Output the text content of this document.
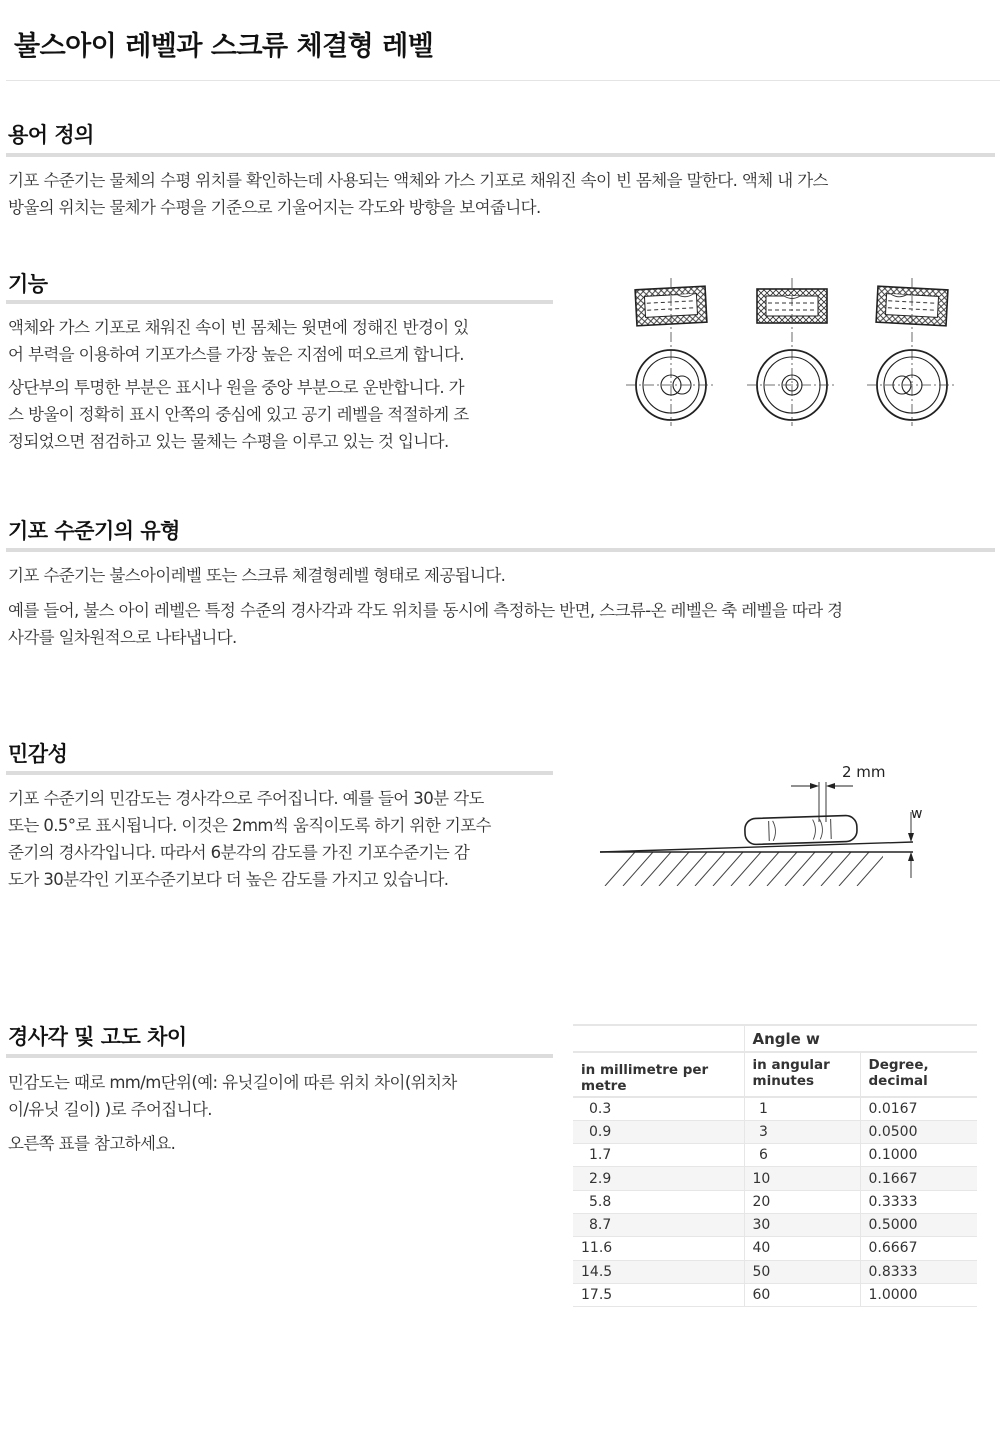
불스아이 레벨과 스크류 체결형 레벨
용어 정의
기포 수준기는 물체의 수평 위치를 확인하는데 사용되는 액체와 가스 기포로 채워진 속이 빈 몸체을 말한다. 액체 내 가스
방울의 위치는 물체가 수평을 기준으로 기울어지는 각도와 방향을 보여줍니다.
기능
액체와 가스 기포로 채워진 속이 빈 몸체는 윗면에 정해진 반경이 있
어 부력을 이용하여 기포가스를 가장 높은 지점에 떠오르게 합니다.
상단부의 투명한 부분은 표시나 원을 중앙 부분으로 운반합니다. 가
스 방울이 정확히 표시 안쪽의 중심에 있고 공기 레벨을 적절하게 조
정되었으면 점검하고 있는 물체는 수평을 이루고 있는 것 입니다.
기포 수준기의 유형
기포 수준기는 불스아이레벨 또는 스크류 체결형레벨 형태로 제공됩니다.
예를 들어, 불스 아이 레벨은 특정 수준의 경사각과 각도 위치를 동시에 측정하는 반면, 스크류-온 레벨은 축 레벨을 따라 경
사각를 일차원적으로 나타냅니다.
민감성
기포 수준기의 민감도는 경사각으로 주어집니다. 예를 들어 30분 각도
또는 0.5°로 표시됩니다. 이것은 2mm씩 움직이도록 하기 위한 기포수
준기의 경사각입니다. 따라서 6분각의 감도를 가진 기포수준기는 감
도가 30분각인 기포수준기보다 더 높은 감도를 가지고 있습니다.
2 mm
w
경사각 및 고도 차이
민감도는 때로 mm/m단위(예: 유닛길이에 따른 위치 차이(위치차
이/유닛 길이) )로 주어집니다.
오른쪽 표를 참고하세요.
	Angle w	
in millimetre per metre	in angular minutes	Degree, decimal
0.3	1	0.0167
0.9	3	0.0500
1.7	6	0.1000
2.9	10	0.1667
5.8	20	0.3333
8.7	30	0.5000
11.6	40	0.6667
14.5	50	0.8333
17.5	60	1.0000
